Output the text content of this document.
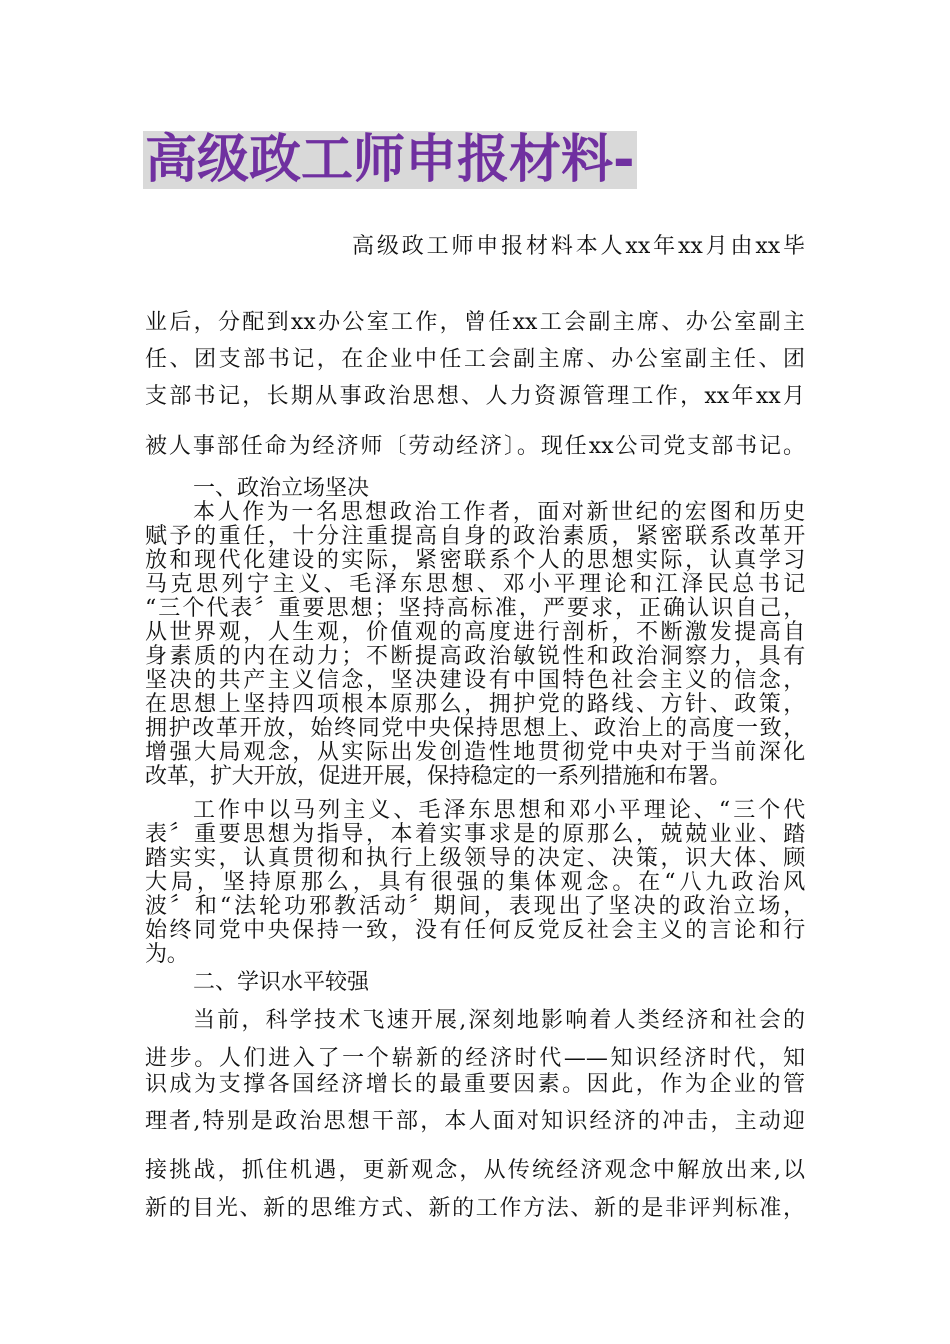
高级政工师申报材料-
高级政工师申报材料本人xx年xx月由xx毕
业后，分配到xx办公室工作，曾任xx工会副主席、办公室副主
任、团支部书记，在企业中任工会副主席、办公室副主任、团
支部书记，长期从事政治思想、人力资源管理工作，xx年xx月
被人事部任命为经济师〔劳动经济〕。现任xx公司党支部书记。
一、政治立场坚决
本人作为一名思想政治工作者，面对新世纪的宏图和历史
赋予的重任，十分注重提高自身的政治素质，紧密联系改革开
放和现代化建设的实际，紧密联系个人的思想实际，认真学习
马克思列宁主义、毛泽东思想、邓小平理论和江泽民总书记
“三个代表〞重要思想；坚持高标准，严要求，正确认识自己，
从世界观，人生观，价值观的高度进行剖析，不断激发提高自
身素质的内在动力；不断提高政治敏锐性和政治洞察力，具有
坚决的共产主义信念，坚决建设有中国特色社会主义的信念，
在思想上坚持四项根本原那么，拥护党的路线、方针、政策，
拥护改革开放，始终同党中央保持思想上、政治上的高度一致，
增强大局观念，从实际出发创造性地贯彻党中央对于当前深化
改革，扩大开放，促进开展，保持稳定的一系列措施和布署。
工作中以马列主义、毛泽东思想和邓小平理论、“三个代
表〞重要思想为指导，本着实事求是的原那么，兢兢业业、踏
踏实实，认真贯彻和执行上级领导的决定、决策，识大体、顾
大局，坚持原那么，具有很强的集体观念。在“八九政治风
波〞和“法轮功邪教活动〞期间，表现出了坚决的政治立场，
始终同党中央保持一致，没有任何反党反社会主义的言论和行
为。
二、学识水平较强
当前，科学技术飞速开展,深刻地影响着人类经济和社会的
进步。人们进入了一个崭新的经济时代——知识经济时代，知
识成为支撑各国经济增长的最重要因素。因此，作为企业的管
理者,特别是政治思想干部，本人面对知识经济的冲击，主动迎
接挑战，抓住机遇，更新观念，从传统经济观念中解放出来,以
新的目光、新的思维方式、新的工作方法、新的是非评判标准，
